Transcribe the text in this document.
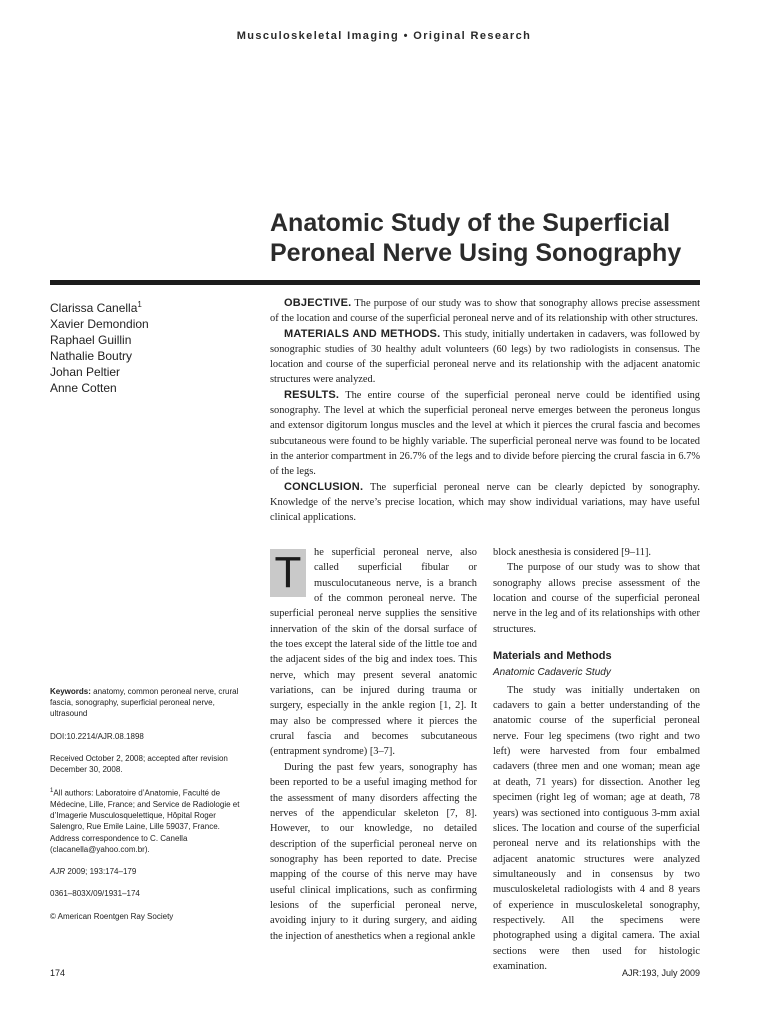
Musculoskeletal Imaging • Original Research
Anatomic Study of the Superficial Peroneal Nerve Using Sonography
Clarissa Canella$^1$
Xavier Demondion
Raphael Guillin
Nathalie Boutry
Johan Peltier
Anne Cotten

OBJECTIVE. The purpose of our study was to show that sonography allows precise assessment of the location and course of the superficial peroneal nerve and of its relationship with other structures.

MATERIALS AND METHODS. This study, initially undertaken in cadavers, was followed by sonographic studies of 30 healthy adult volunteers (60 legs) by two radiologists in consensus. The location and course of the superficial peroneal nerve and its relationship with the adjacent anatomic structures were analyzed.

RESULTS. The entire course of the superficial peroneal nerve could be identified using sonography. The level at which the superficial peroneal nerve emerges between the peroneus longus and extensor digitorum longus muscles and the level at which it pierces the crural fascia and becomes subcutaneous were found to be highly variable. The superficial peroneal nerve was found to be located in the anterior compartment in 26.7% of the legs and to divide before piercing the crural fascia in 6.7% of the legs.

CONCLUSION. The superficial peroneal nerve can be clearly depicted by sonography. Knowledge of the nerve’s precise location, which may show individual variations, may have useful clinical applications.

Keywords: anatomy, common peroneal nerve, crural fascia, sonography, superficial peroneal nerve, ultrasound

DOI:10.2214/AJR.08.1898

Received October 2, 2008; accepted after revision December 30, 2008.

$^1$All authors: Laboratoire d’Anatomie, Faculté de Médecine, Lille, France; and Service de Radiologie et d’Imagerie Musculosquelettique, Hôpital Roger Salengro, Rue Emile Laine, Lille 59037, France. Address correspondence to C. Canella (clacanella@yahoo.com.br).

AJR 2009; 193:174–179

0361–803X/09/1931–174

© American Roentgen Ray Society

T	he superficial peroneal nerve, also called superficial fibular or musculocutaneous nerve, is a branch of the common peroneal nerve. The superficial peroneal nerve supplies the sensitive innervation of the skin of the dorsal surface of the toes except the lateral side of the little toe and the adjacent sides of the big and index toes. This nerve, which may present several anatomic variations, can be injured during trauma or surgery, especially in the ankle region [1, 2]. It may also be compressed where it pierces the crural fascia and becomes subcutaneous (entrapment syndrome) [3–7].

During the past few years, sonography has been reported to be a useful imaging method for the assessment of many disorders affecting the nerves of the appendicular skeleton [7, 8]. However, to our knowledge, no detailed description of the superficial peroneal nerve on sonography has been reported to date. Precise mapping of the course of this nerve may have useful clinical implications, such as confirming lesions of the superficial peroneal nerve, avoiding injury to it during surgery, and aiding the injection of anesthetics when a regional ankle

block anesthesia is considered [9–11].

The purpose of our study was to show that sonography allows precise assessment of the location and course of the superficial peroneal nerve in the leg and of its relationships with other structures.

Materials and Methods
Anatomic Cadaveric Study

The study was initially undertaken on cadavers to gain a better understanding of the anatomic course of the superficial peroneal nerve. Four leg specimens (two right and two left) were harvested from four embalmed cadavers (three men and one woman; mean age at death, 71 years) for dissection. Another leg specimen (right leg of woman; age at death, 78 years) was sectioned into contiguous 3-mm axial slices. The location and course of the superficial peroneal nerve and its relationships with the adjacent anatomic structures were analyzed simultaneously and in consensus by two musculoskeletal radiologists with 4 and 8 years of experience in musculoskeletal sonography, respectively. All the specimens were photographed using a digital camera. The axial sections were then used for histologic examination.

174	AJR:193, July 2009
